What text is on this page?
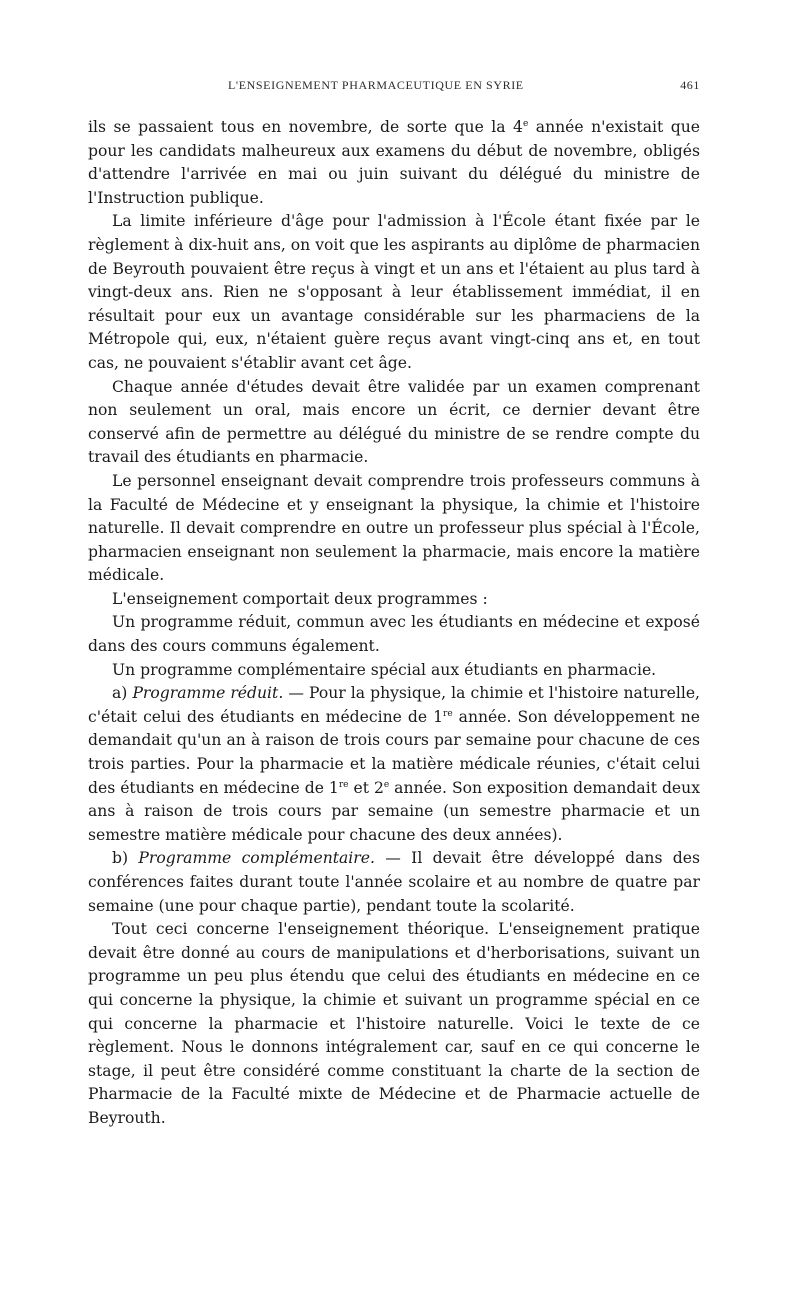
L'ENSEIGNEMENT PHARMACEUTIQUE EN SYRIE	461

ils se passaient tous en novembre, de sorte que la 4e année n'existait que pour les candidats malheureux aux examens du début de novembre, obligés d'attendre l'arrivée en mai ou juin suivant du délégué du ministre de l'Instruction publique.

La limite inférieure d'âge pour l'admission à l'École étant fixée par le règlement à dix-huit ans, on voit que les aspirants au diplôme de pharmacien de Beyrouth pouvaient être reçus à vingt et un ans et l'étaient au plus tard à vingt-deux ans. Rien ne s'opposant à leur établissement immédiat, il en résultait pour eux un avantage considérable sur les pharmaciens de la Métropole qui, eux, n'étaient guère reçus avant vingt-cinq ans et, en tout cas, ne pouvaient s'établir avant cet âge.

Chaque année d'études devait être validée par un examen comprenant non seulement un oral, mais encore un écrit, ce dernier devant être conservé afin de permettre au délégué du ministre de se rendre compte du travail des étudiants en pharmacie.

Le personnel enseignant devait comprendre trois professeurs communs à la Faculté de Médecine et y enseignant la physique, la chimie et l'histoire naturelle. Il devait comprendre en outre un professeur plus spécial à l'École, pharmacien enseignant non seulement la pharmacie, mais encore la matière médicale.

L'enseignement comportait deux programmes :

Un programme réduit, commun avec les étudiants en médecine et exposé dans des cours communs également.

Un programme complémentaire spécial aux étudiants en pharmacie.

a) Programme réduit. — Pour la physique, la chimie et l'histoire naturelle, c'était celui des étudiants en médecine de 1re année. Son développement ne demandait qu'un an à raison de trois cours par semaine pour chacune de ces trois parties. Pour la pharmacie et la matière médicale réunies, c'était celui des étudiants en médecine de 1re et 2e année. Son exposition demandait deux ans à raison de trois cours par semaine (un semestre pharmacie et un semestre matière médicale pour chacune des deux années).

b) Programme complémentaire. — Il devait être développé dans des conférences faites durant toute l'année scolaire et au nombre de quatre par semaine (une pour chaque partie), pendant toute la scolarité.

Tout ceci concerne l'enseignement théorique. L'enseignement pratique devait être donné au cours de manipulations et d'herborisations, suivant un programme un peu plus étendu que celui des étudiants en médecine en ce qui concerne la physique, la chimie et suivant un programme spécial en ce qui concerne la pharmacie et l'histoire naturelle. Voici le texte de ce règlement. Nous le donnons intégralement car, sauf en ce qui concerne le stage, il peut être considéré comme constituant la charte de la section de Pharmacie de la Faculté mixte de Médecine et de Pharmacie actuelle de Beyrouth.
